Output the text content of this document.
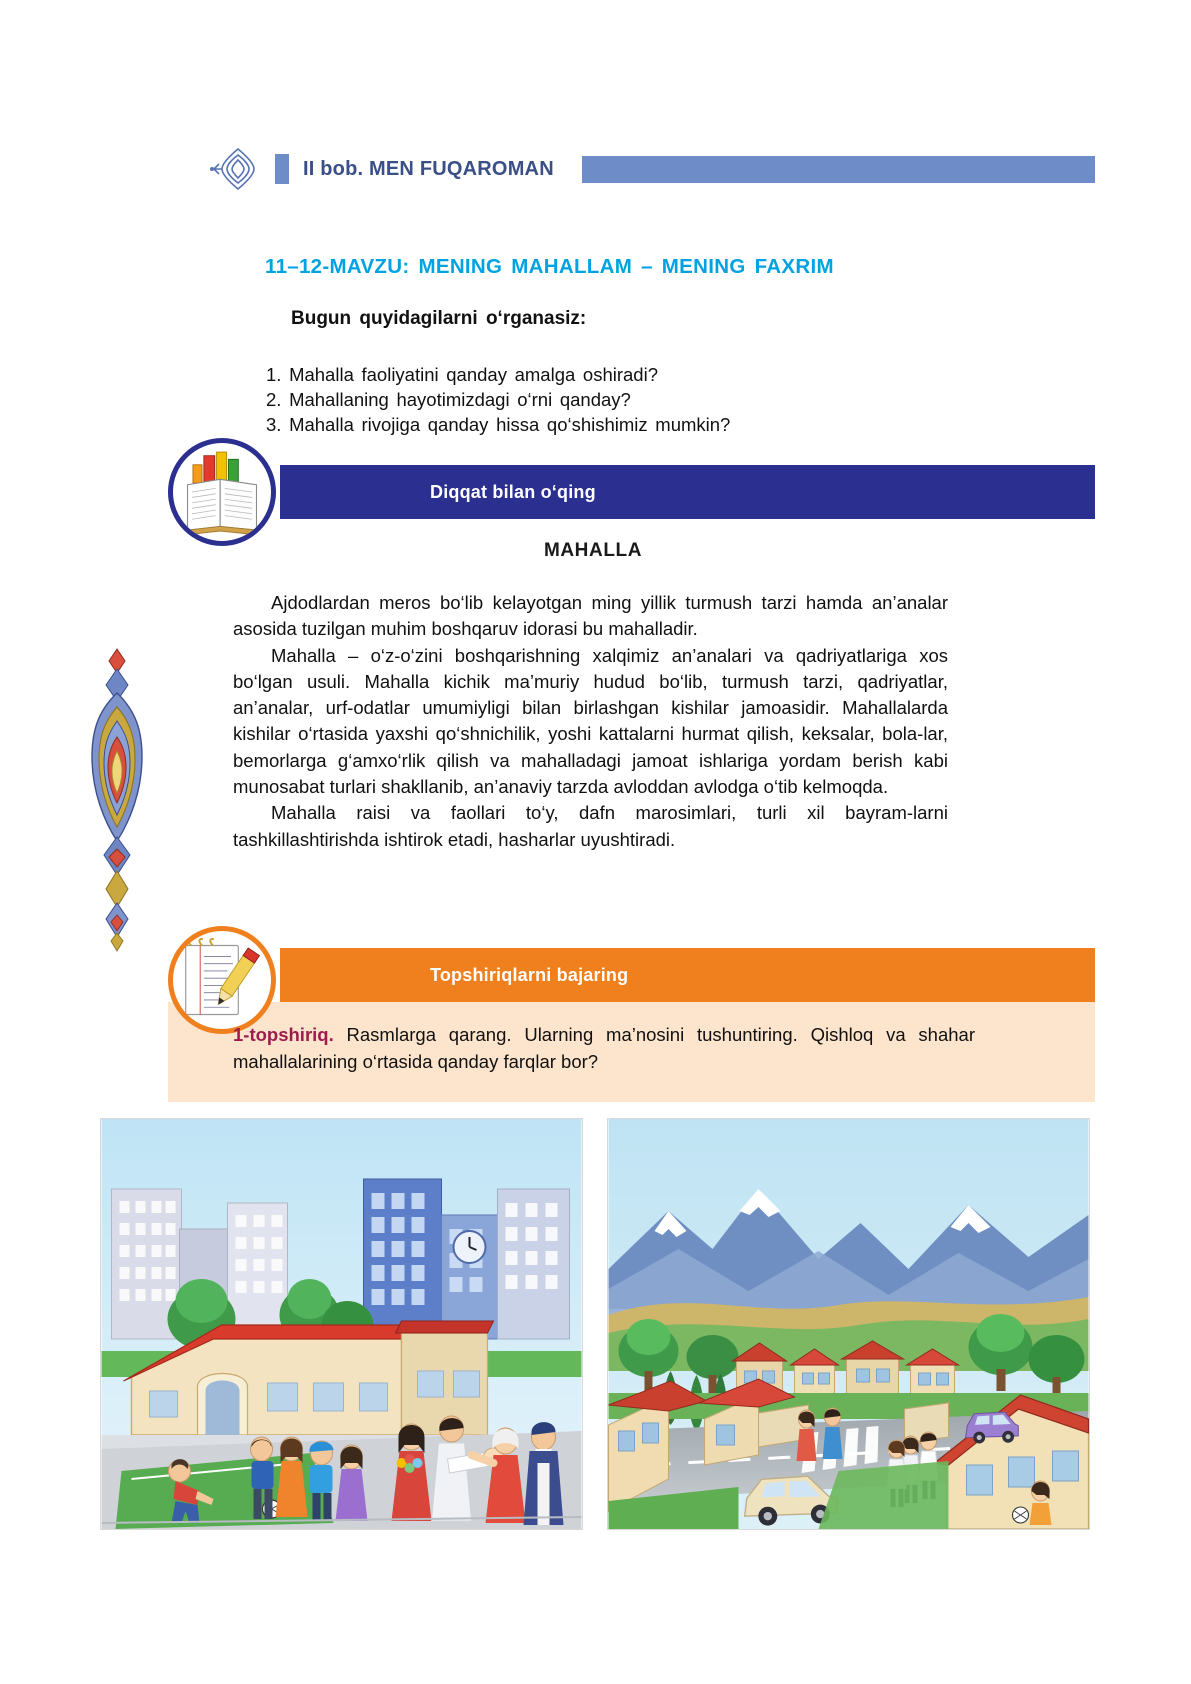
II bob. MEN FUQAROMAN
11–12-MAVZU: MENING MAHALLAM – MENING FAXRIM
Bugun quyidagilarni o‘rganasiz:
1. Mahalla faoliyatini qanday amalga oshiradi?
2. Mahallaning hayotimizdagi o‘rni qanday?
3. Mahalla rivojiga qanday hissa qo‘shishimiz mumkin?
Diqqat bilan o‘qing
MAHALLA

Ajdodlardan meros bo‘lib kelayotgan ming yillik turmush tarzi hamda an’analar asosida tuzilgan muhim boshqaruv idorasi bu mahalladir.

Mahalla – o‘z-o‘zini boshqarishning xalqimiz an’analari va qadriyatlariga xos bo‘lgan usuli. Mahalla kichik ma’muriy hudud bo‘lib, turmush tarzi, qadriyatlar, an’analar, urf-odatlar umumiyligi bilan birlashgan kishilar jamoasidir. Mahallalarda kishilar o‘rtasida yaxshi qo‘shnichilik, yoshi kattalarni hurmat qilish, keksalar, bola-lar, bemorlarga g‘amxo‘rlik qilish va mahalladagi jamoat ishlariga yordam berish kabi munosabat turlari shakllanib, an’anaviy tarzda avloddan avlodga o‘tib kelmoqda.

Mahalla raisi va faollari to‘y, dafn marosimlari, turli xil bayram-larni tashkillashtirishda ishtirok etadi, hasharlar uyushtiradi.

Topshiriqlarni bajaring
1-topshiriq. Rasmlarga qarang. Ularning ma’nosini tushuntiring. Qishloq va shahar mahallalarining o‘rtasida qanday farqlar bor?
